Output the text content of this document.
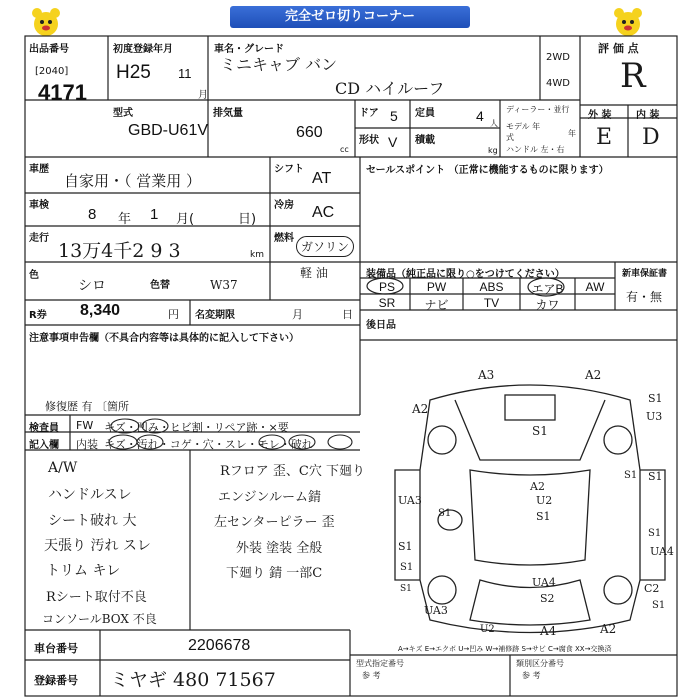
完全ゼロ切りコーナー
出品番号
[2040]
4171
初度登録年月
H25 11
月
車名・グレード
ミニキャブ バン
CD ハイルーフ
2WD
4WD
評 価 点
R
外 装 内 装
E D
型式
GBD-U61V
排気量
660
cc
ドア 5 定員	4 人
形状 V 積載
kg
ディーラー・並行
モデル 年式	年
ハンドル 左・右
車歴
自家用・（ 営業用 ）
シフト
AT
車検
8 年 1 月(	日)
冷房 AC
走行
13万4千2 9 3	km
燃料
ガソリン
軽 油
色
シロ	色替	W37
R券 8,340	円 名変期限	月	日
注意事項申告欄（不具合内容等は具体的に記入して下さい）
修復歴 有 〔箇所
セールスポイント （正常に機能するものに限ります）
装備品（純正品に限り○をつけてください）	新車保証書
有・無
PS	PW	ABS	エアB	AW
SR	ナビ	TV	カワ
後日品
検査員
記入欄
FW キズ・凹み・ヒビ割・リペア跡・×要
内装 キズ・汚れ・コゲ・穴・スレ・モレ・破れ
A/W
ハンドルスレ
シート破れ 大
天張り 汚れ スレ
トリム キレ
Rシート取付不良
コンソールBOX 不良
Rフロア 歪、C穴 下廻り
エンジンルーム錆
左センターピラー 歪
外装 塗装 全般
下廻り 錆 一部C
A3	A2
A2
S1
U3
S1
A2
U2
S1
UA3
S1
UA4
S1
S1
C2
S1
UA4
S2
UA3
U2	A4	A2
S1
S1
S1
S1
A→キズ E→エクボ U→凹み W→補修跡 S→サビ C→腐食 XX→交換済
車台番号	2206678
登録番号 ミヤギ 480 71567
型式指定番号
参 考
類別区分番号
参 考
